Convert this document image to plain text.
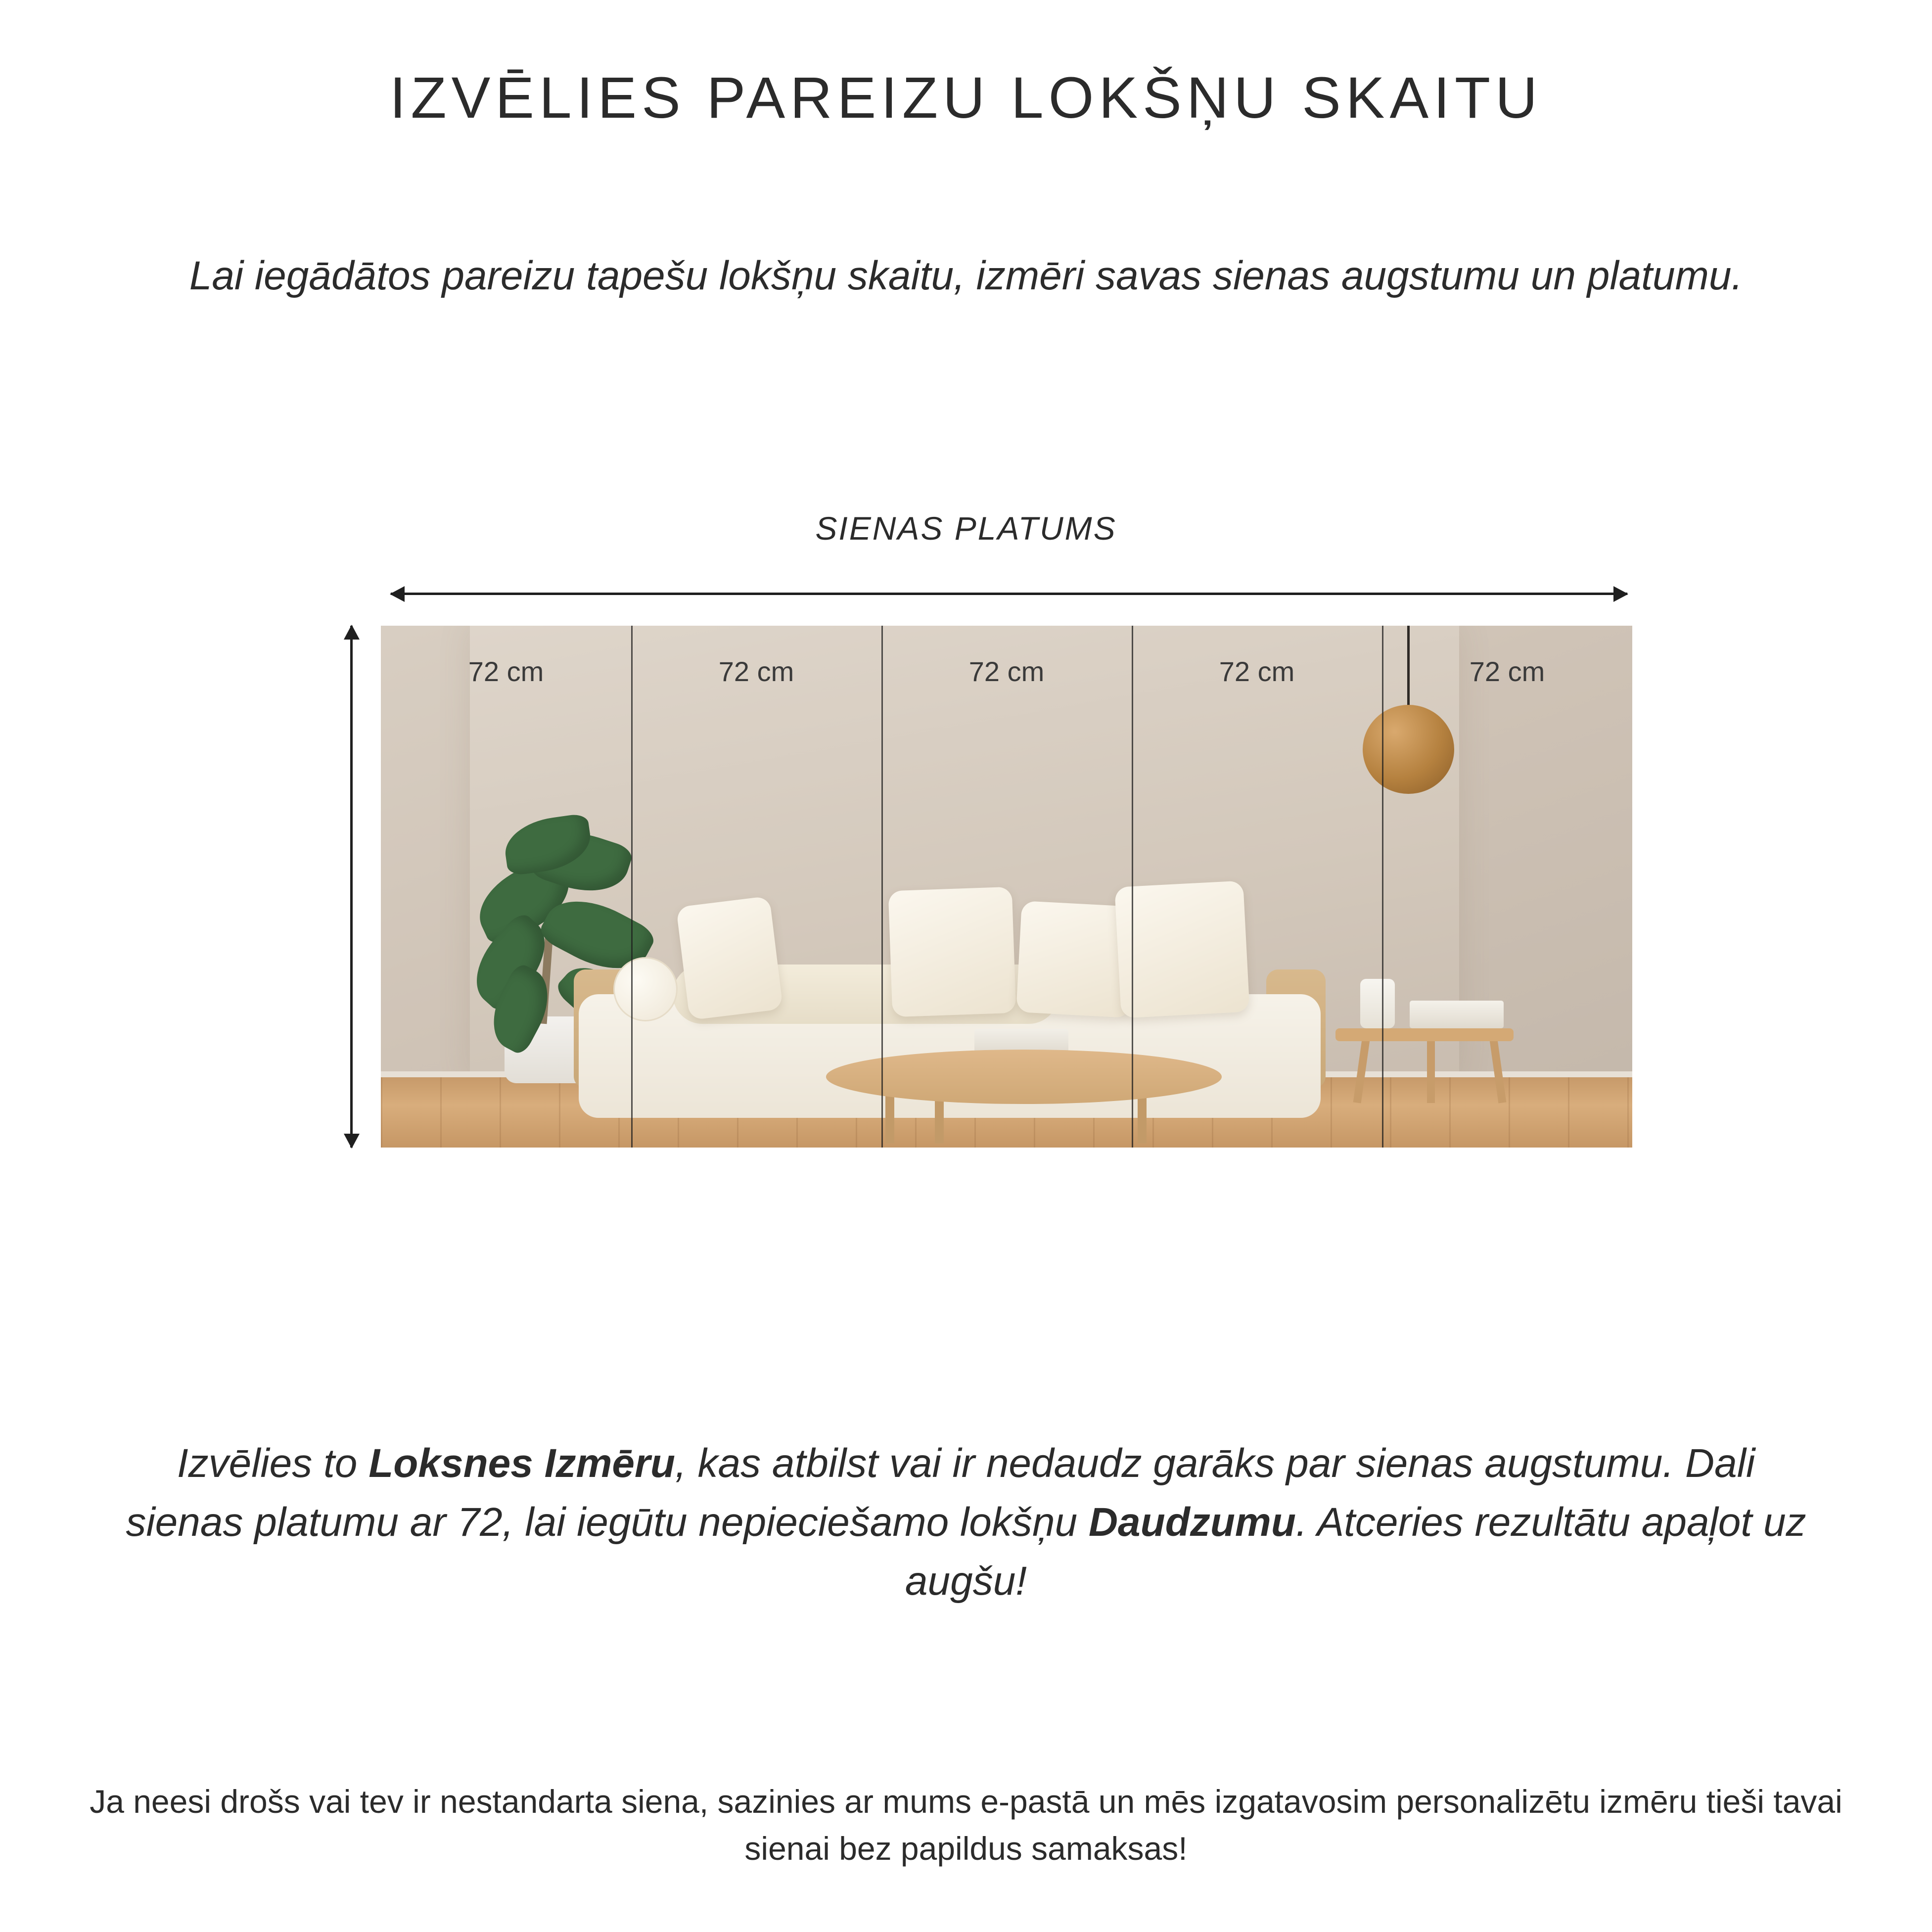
IZVĒLIES PAREIZU LOKŠŅU SKAITU
Lai iegādātos pareizu tapešu lokšņu skaitu, izmēri savas sienas augstumu un platumu.
SIENAS PLATUMS
72 cm	72 cm	72 cm	72 cm	72 cm
Izvēlies to Loksnes Izmēru, kas atbilst vai ir nedaudz garāks par sienas augstumu. Dali sienas platumu ar 72, lai iegūtu nepieciešamo lokšņu Daudzumu. Atceries rezultātu apaļot uz augšu!
Ja neesi drošs vai tev ir nestandarta siena, sazinies ar mums e-pastā un mēs izgatavosim personalizētu izmēru tieši tavai sienai bez papildus samaksas!
